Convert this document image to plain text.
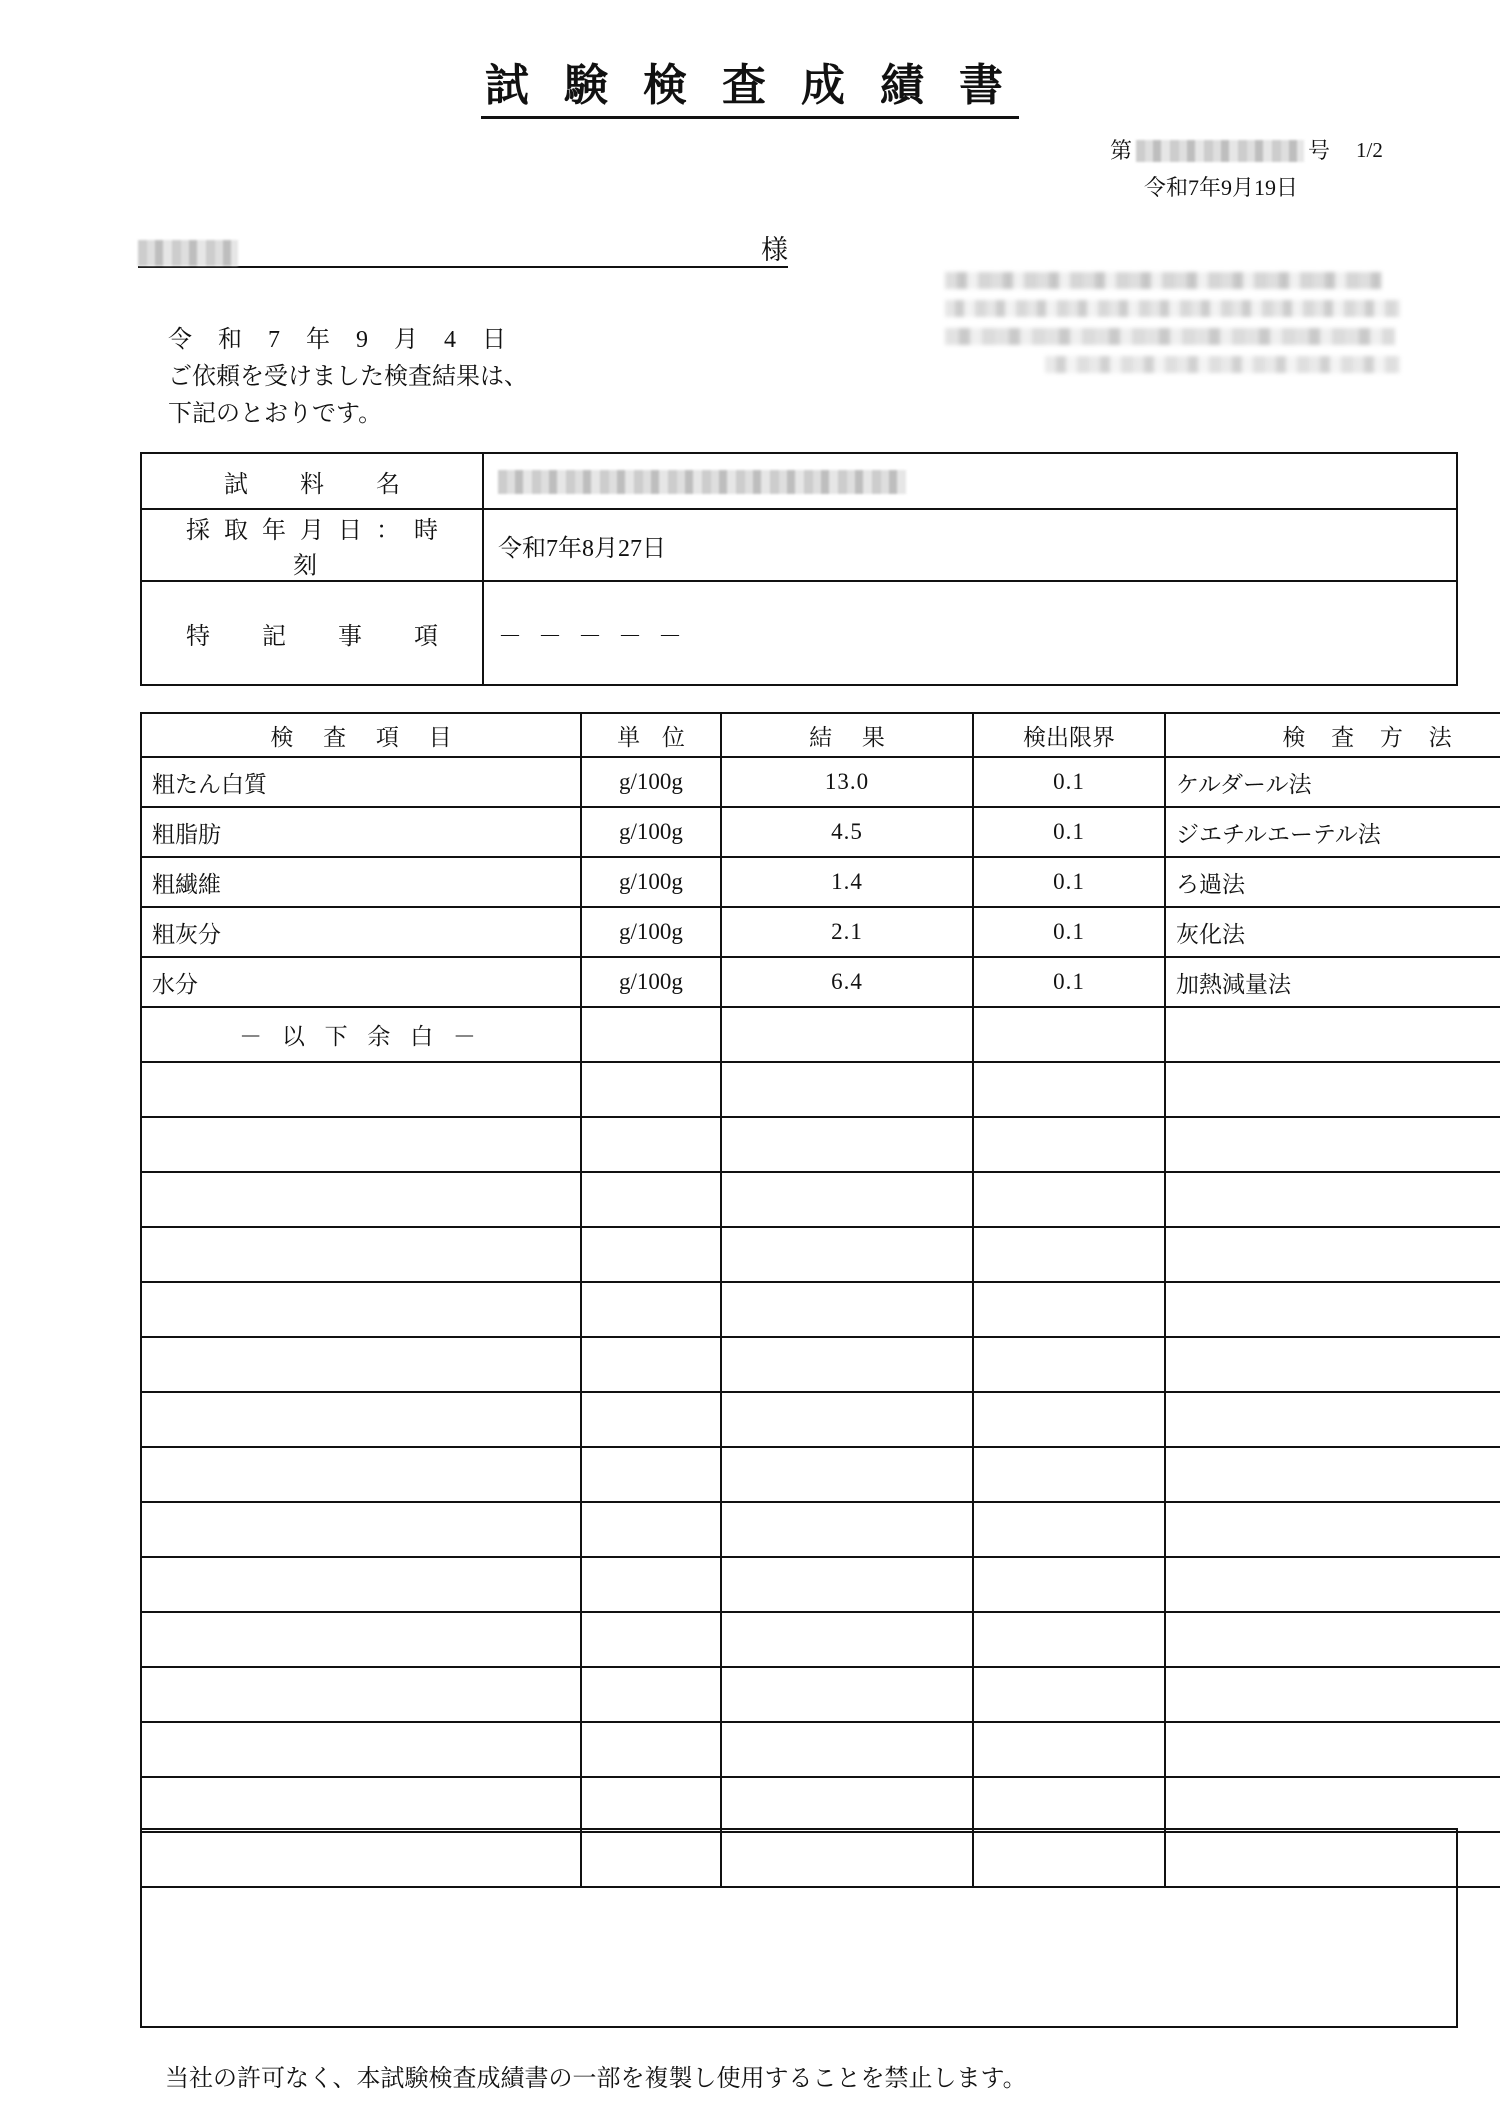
試 験 検 査 成 績 書
第	号 1/2
令和7年9月19日
様
令 和 7 年 9 月 4 日
ご依頼を受けました検査結果は、
下記のとおりです。
試　料　名	
採取年月日：時刻	令和7年8月27日
特　記　事　項	－ － － － －
検 査 項 目	単 位	結 果	検出限界	検 査 方 法
粗たん白質	g/100g	13.0	0.1	ケルダール法
粗脂肪	g/100g	4.5	0.1	ジエチルエーテル法
粗繊維	g/100g	1.4	0.1	ろ過法
粗灰分	g/100g	2.1	0.1	灰化法
水分	g/100g	6.4	0.1	加熱減量法
－ 以 下 余 白 －				

当社の許可なく、本試験検査成績書の一部を複製し使用することを禁止します。
